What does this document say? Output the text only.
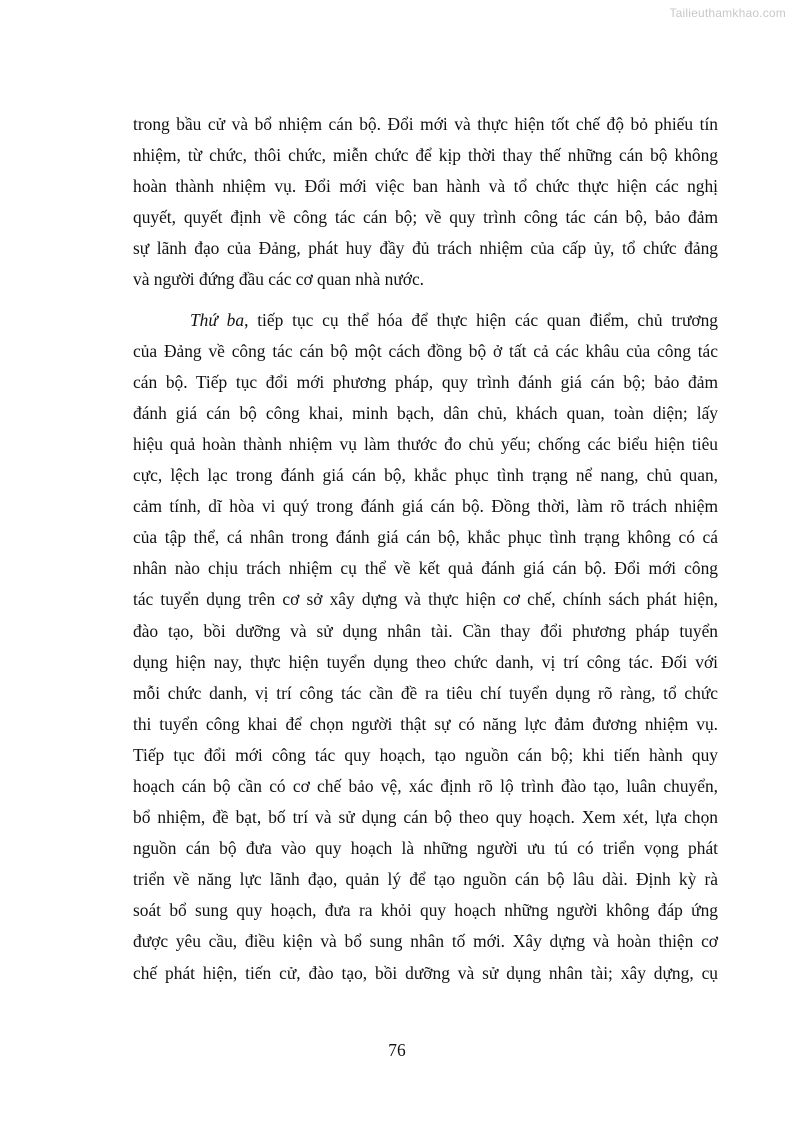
Tailieuthamkhao.com
trong bầu cử và bổ nhiệm cán bộ. Đổi mới và thực hiện tốt chế độ bỏ phiếu tín
nhiệm, từ chức, thôi chức, miễn chức để kịp thời thay thế những cán bộ không
hoàn thành nhiệm vụ. Đổi mới việc ban hành và tổ chức thực hiện các nghị
quyết, quyết định về công tác cán bộ; về quy trình công tác cán bộ, bảo đảm
sự lãnh đạo của Đảng, phát huy đầy đủ trách nhiệm của cấp ủy, tổ chức đảng
và người đứng đầu các cơ quan nhà nước.
Thứ ba, tiếp tục cụ thể hóa để thực hiện các quan điểm, chủ trương
của Đảng về công tác cán bộ một cách đồng bộ ở tất cả các khâu của công tác
cán bộ. Tiếp tục đổi mới phương pháp, quy trình đánh giá cán bộ; bảo đảm
đánh giá cán bộ công khai, minh bạch, dân chủ, khách quan, toàn diện; lấy
hiệu quả hoàn thành nhiệm vụ làm thước đo chủ yếu; chống các biểu hiện tiêu
cực, lệch lạc trong đánh giá cán bộ, khắc phục tình trạng nể nang, chủ quan,
cảm tính, dĩ hòa vi quý trong đánh giá cán bộ. Đồng thời, làm rõ trách nhiệm
của tập thể, cá nhân trong đánh giá cán bộ, khắc phục tình trạng không có cá
nhân nào chịu trách nhiệm cụ thể về kết quả đánh giá cán bộ. Đổi mới công
tác tuyển dụng trên cơ sở xây dựng và thực hiện cơ chế, chính sách phát hiện,
đào tạo, bồi dưỡng và sử dụng nhân tài. Cần thay đổi phương pháp tuyển
dụng hiện nay, thực hiện tuyển dụng theo chức danh, vị trí công tác. Đối với
mỗi chức danh, vị trí công tác cần đề ra tiêu chí tuyển dụng rõ ràng, tổ chức
thi tuyển công khai để chọn người thật sự có năng lực đảm đương nhiệm vụ.
Tiếp tục đổi mới công tác quy hoạch, tạo nguồn cán bộ; khi tiến hành quy
hoạch cán bộ cần có cơ chế bảo vệ, xác định rõ lộ trình đào tạo, luân chuyển,
bổ nhiệm, đề bạt, bố trí và sử dụng cán bộ theo quy hoạch. Xem xét, lựa chọn
nguồn cán bộ đưa vào quy hoạch là những người ưu tú có triển vọng phát
triển về năng lực lãnh đạo, quản lý để tạo nguồn cán bộ lâu dài. Định kỳ rà
soát bổ sung quy hoạch, đưa ra khỏi quy hoạch những người không đáp ứng
được yêu cầu, điều kiện và bổ sung nhân tố mới. Xây dựng và hoàn thiện cơ
chế phát hiện, tiến cử, đào tạo, bồi dưỡng và sử dụng nhân tài; xây dựng, cụ
76
